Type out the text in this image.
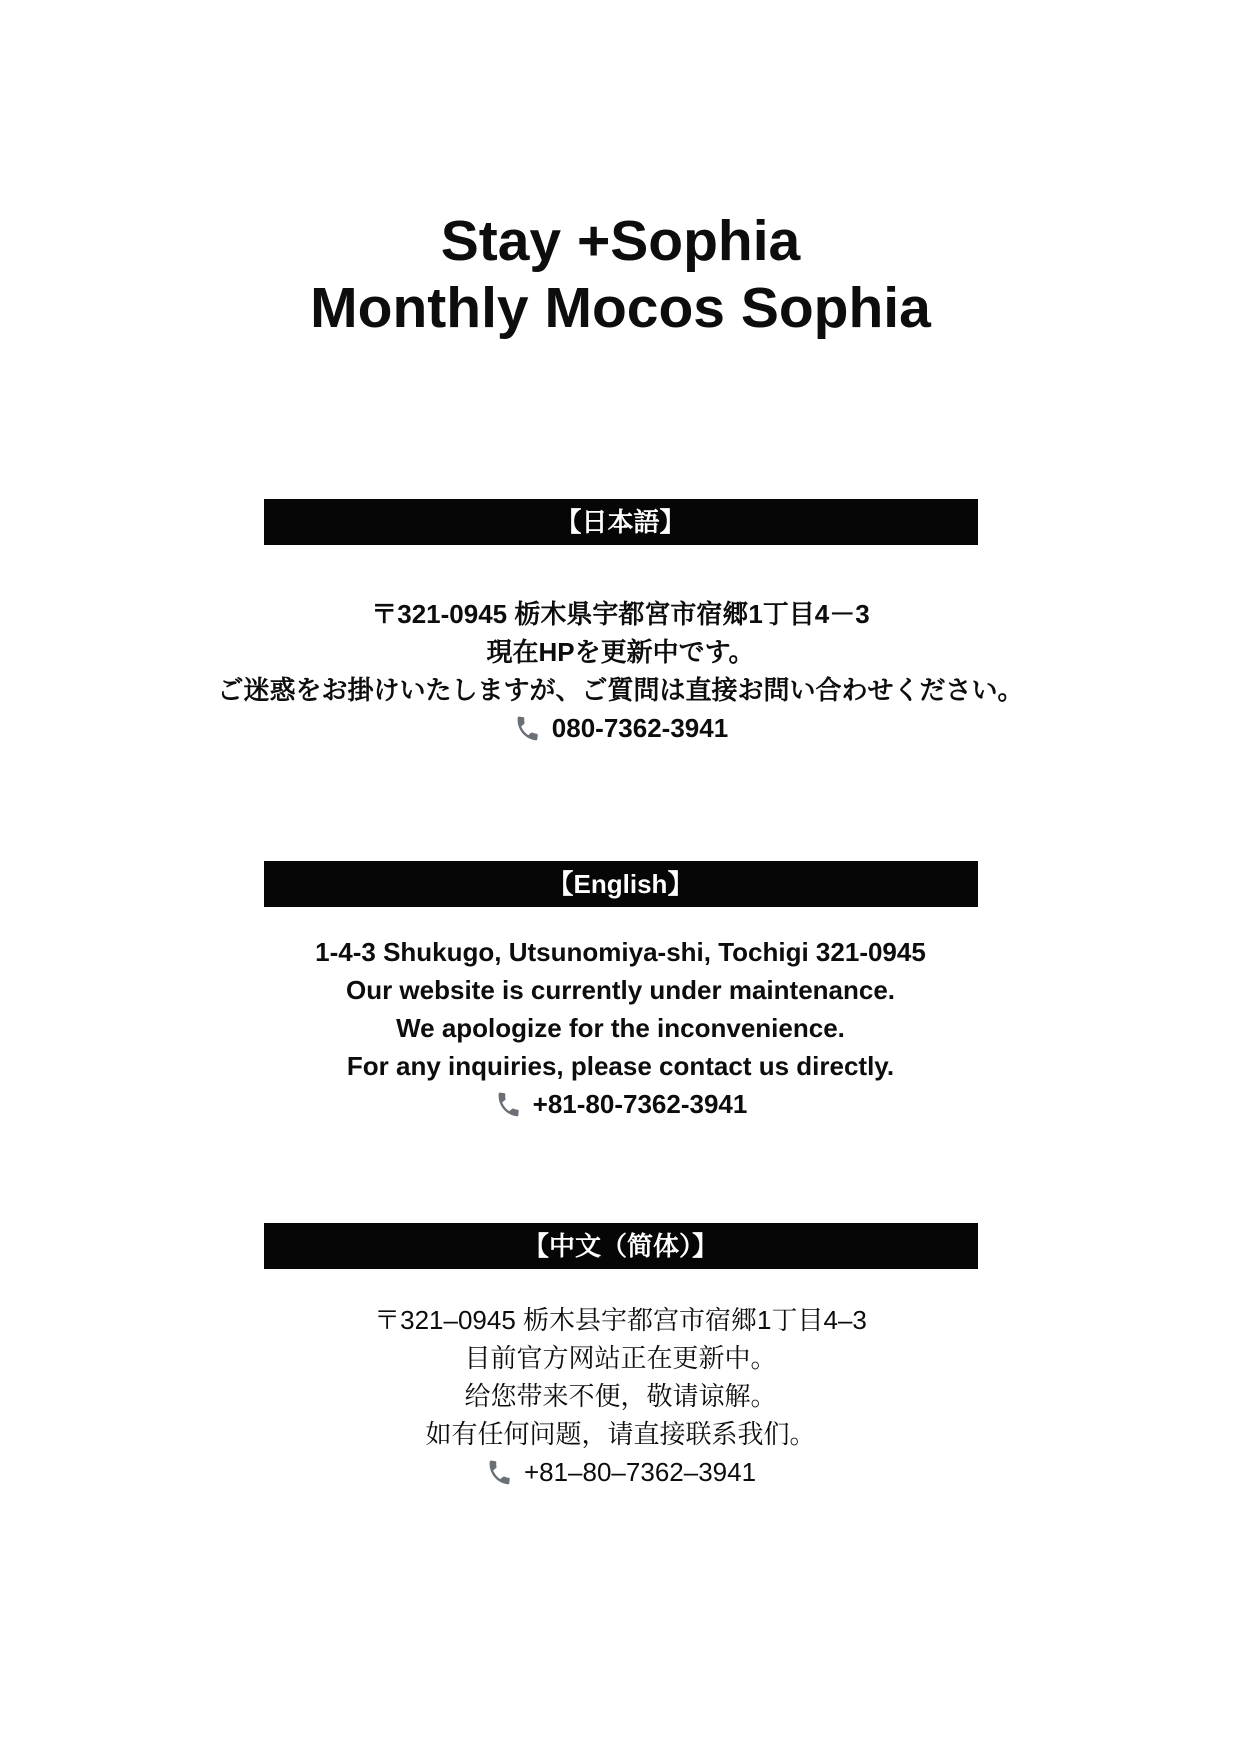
Stay +Sophia
Monthly Mocos Sophia
【日本語】

〒321-0945 栃木県宇都宮市宿郷1丁目4－3

現在HPを更新中です。

ご迷惑をお掛けいたしますが、ご質問は直接お問い合わせください。

080-7362-3941

【English】

1-4-3 Shukugo, Utsunomiya-shi, Tochigi 321-0945

Our website is currently under maintenance.

We apologize for the inconvenience.

For any inquiries, please contact us directly.

+81-80-7362-3941

【中文（简体）】

〒321–0945 栃木县宇都宫市宿郷1丁目4–3

目前官方网站正在更新中。

给您带来不便，敬请谅解。

如有任何问题，请直接联系我们。

+81–80–7362–3941
